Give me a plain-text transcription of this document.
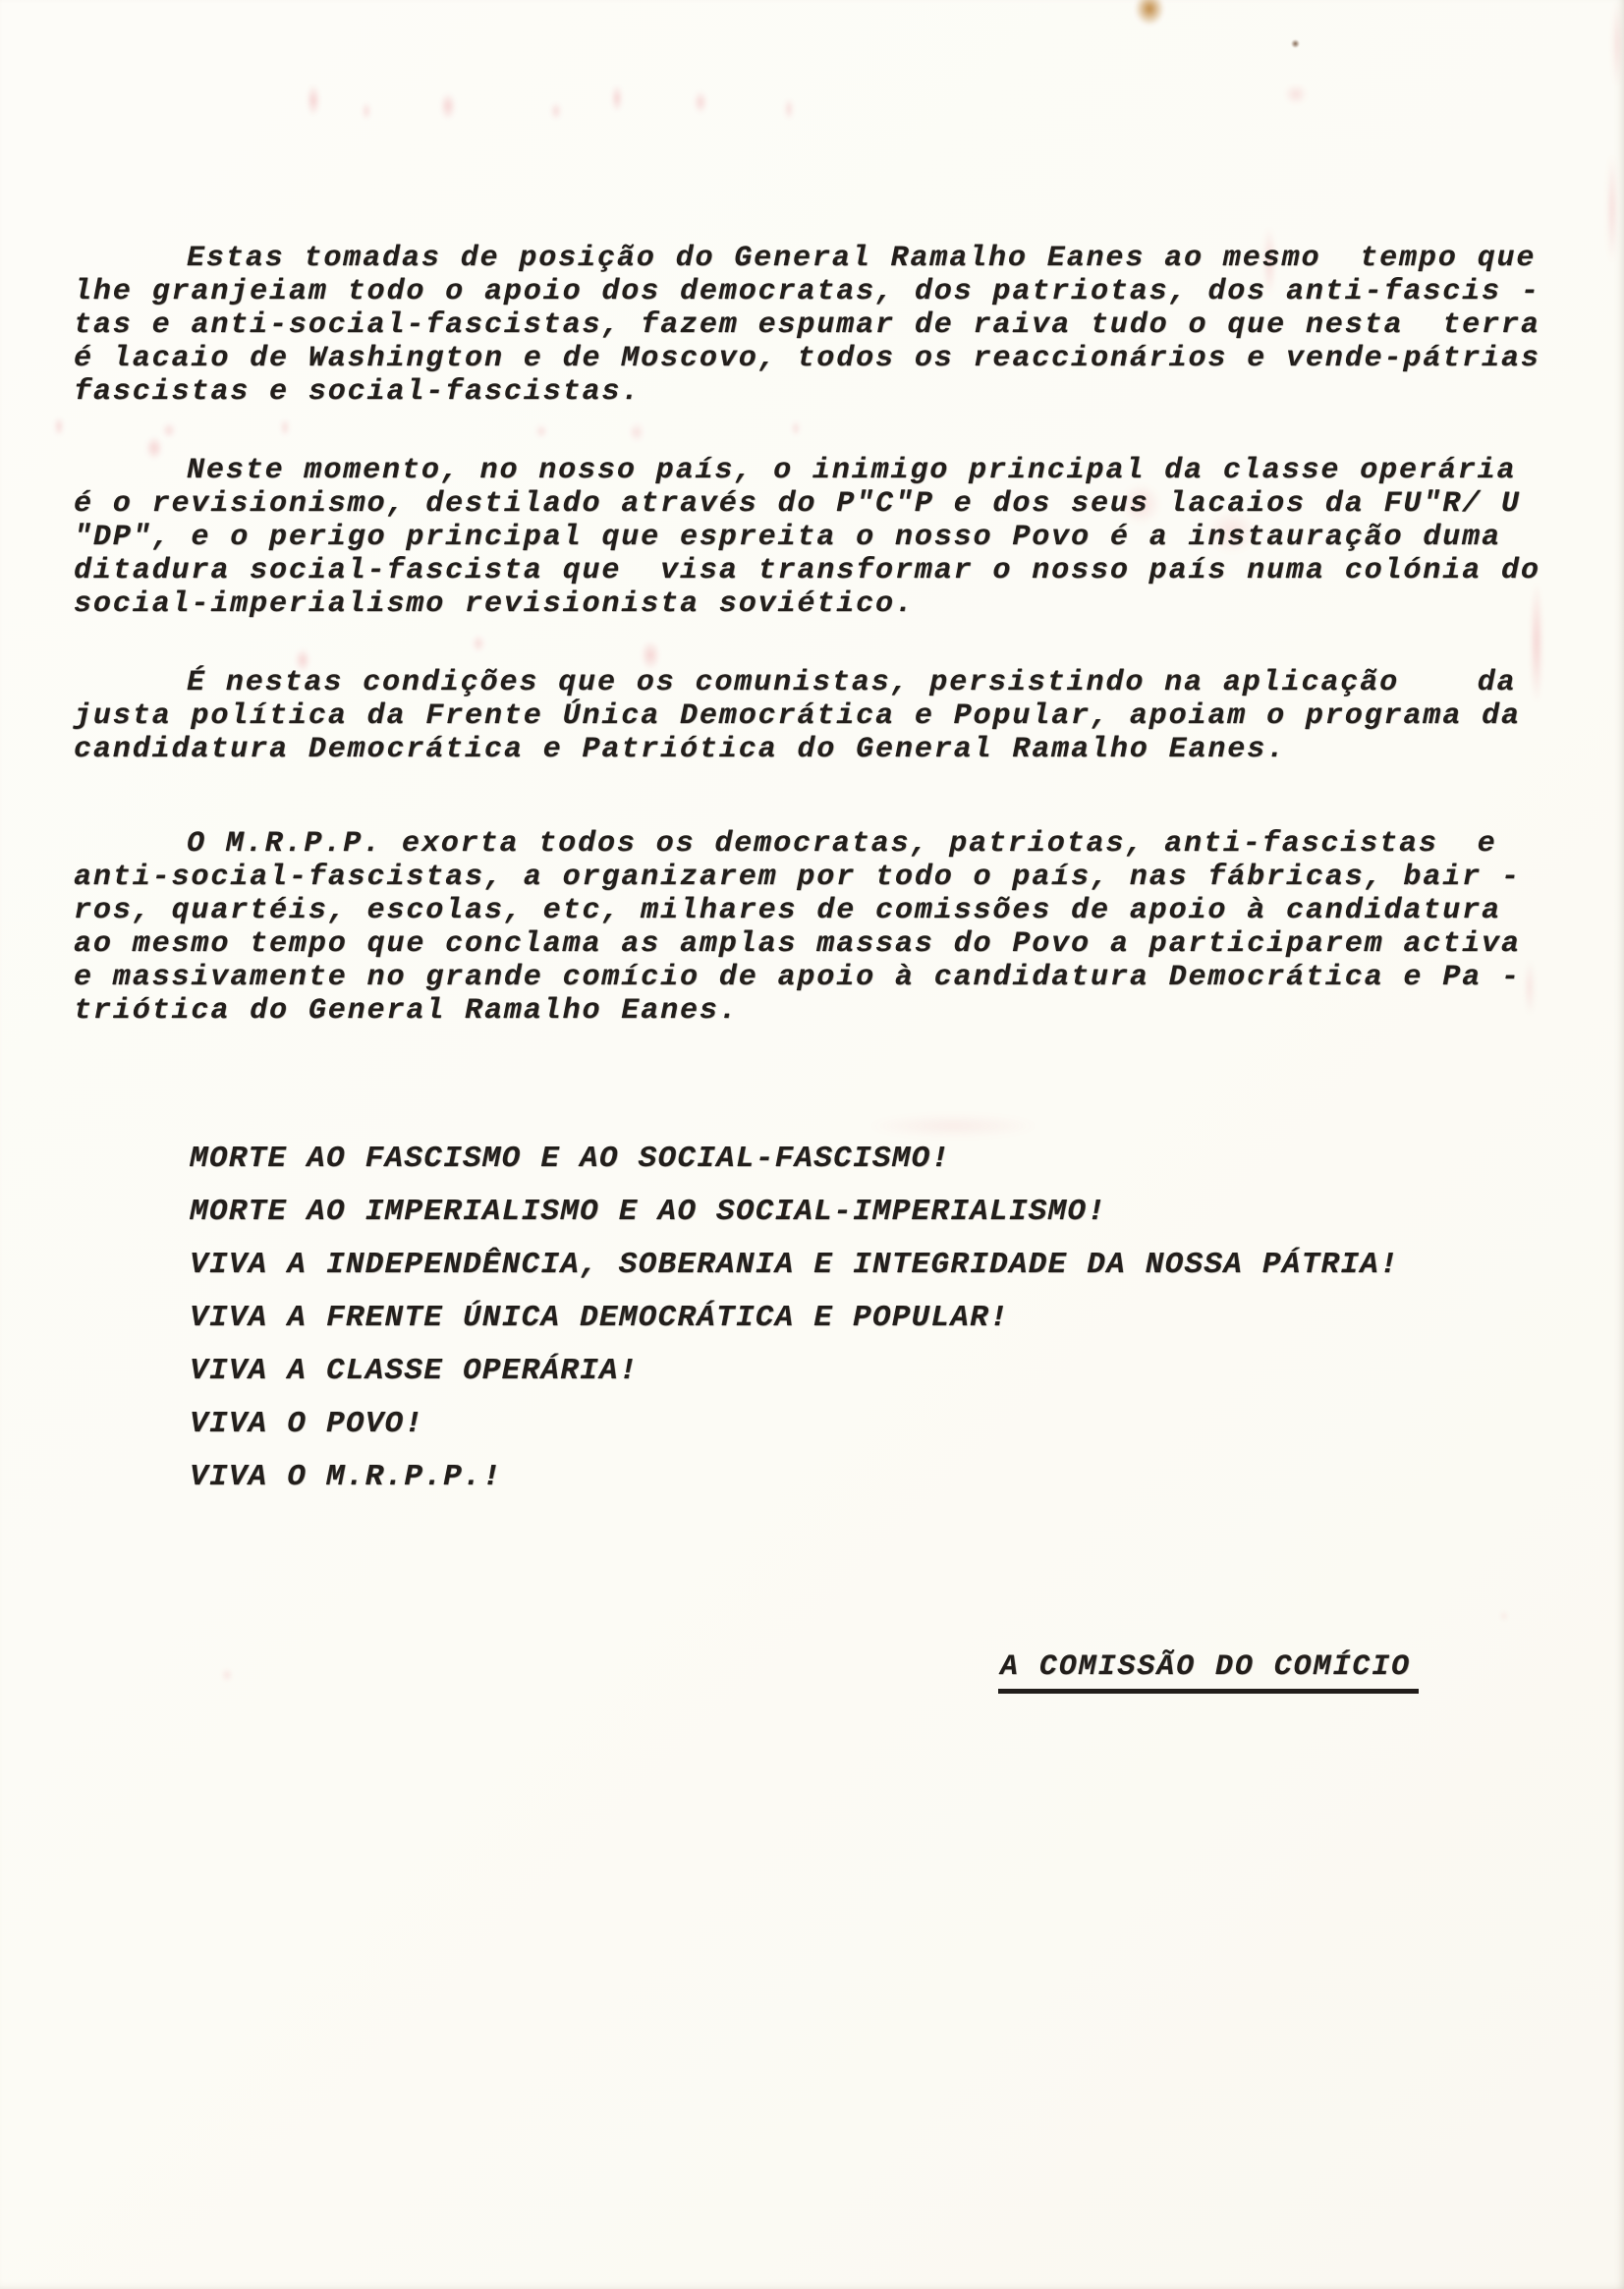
Estas tomadas de posição do General Ramalho Eanes ao mesmo  tempo que
lhe granjeiam todo o apoio dos democratas, dos patriotas, dos anti-fascis -
tas e anti-social-fascistas, fazem espumar de raiva tudo o que nesta  terra
é lacaio de Washington e de Moscovo, todos os reaccionários e vende-pátrias
fascistas e social-fascistas.

Neste momento, no nosso país, o inimigo principal da classe operária
é o revisionismo, destilado através do P"C"P e dos seus lacaios da FU"R/ U
"DP", e o perigo principal que espreita o nosso Povo é a instauração duma
ditadura social-fascista que  visa transformar o nosso país numa colónia do
social-imperialismo revisionista soviético.

É nestas condições que os comunistas, persistindo na aplicação    da
justa política da Frente Única Democrática e Popular, apoiam o programa da
candidatura Democrática e Patriótica do General Ramalho Eanes.

O M.R.P.P. exorta todos os democratas, patriotas, anti-fascistas  e
anti-social-fascistas, a organizarem por todo o país, nas fábricas, bair -
ros, quartéis, escolas, etc, milhares de comissões de apoio à candidatura
ao mesmo tempo que conclama as amplas massas do Povo a participarem activa
e massivamente no grande comício de apoio à candidatura Democrática e Pa -
triótica do General Ramalho Eanes.

MORTE AO FASCISMO E AO SOCIAL-FASCISMO!
MORTE AO IMPERIALISMO E AO SOCIAL-IMPERIALISMO!
VIVA A INDEPENDÊNCIA, SOBERANIA E INTEGRIDADE DA NOSSA PÁTRIA!
VIVA A FRENTE ÚNICA DEMOCRÁTICA E POPULAR!
VIVA A CLASSE OPERÁRIA!
VIVA O POVO!
VIVA O M.R.P.P.!
A COMISSÃO DO COMÍCIO
